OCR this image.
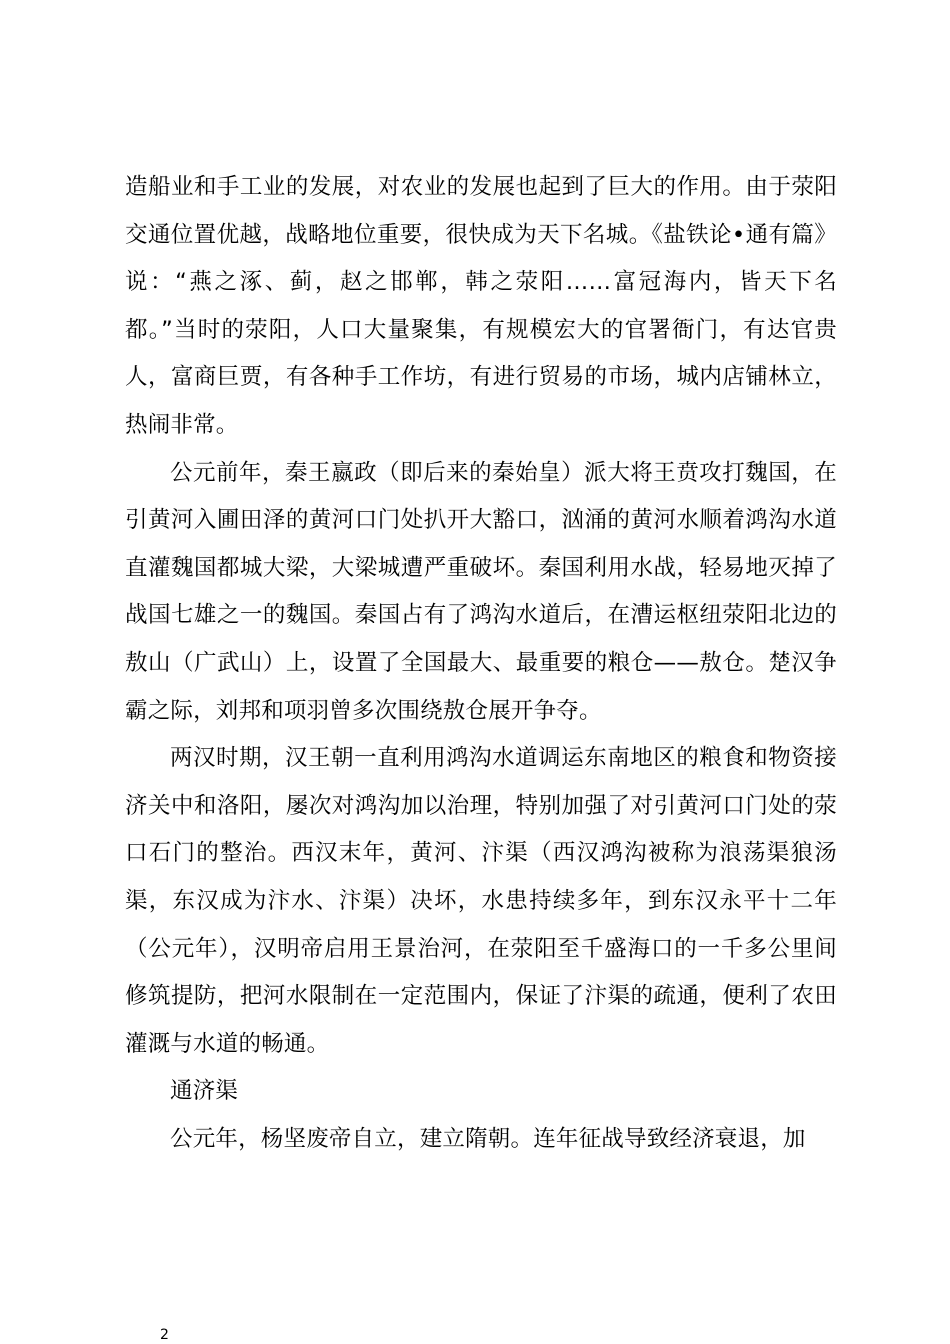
造船业和手工业的发展，对农业的发展也起到了巨大的作用。由于荥阳交通位置优越，战略地位重要，很快成为天下名城。《盐铁论•通有篇》说：“燕之涿、蓟，赵之邯郸，韩之荥阳……富冠海内，皆天下名都。”当时的荥阳，人口大量聚集，有规模宏大的官署衙门，有达官贵人，富商巨贾，有各种手工作坊，有进行贸易的市场，城内店铺林立，热闹非常。

公元前年，秦王嬴政（即后来的秦始皇）派大将王贲攻打魏国，在引黄河入圃田泽的黄河口门处扒开大豁口，汹涌的黄河水顺着鸿沟水道直灌魏国都城大梁，大梁城遭严重破坏。秦国利用水战，轻易地灭掉了战国七雄之一的魏国。秦国占有了鸿沟水道后，在漕运枢纽荥阳北边的敖山（广武山）上，设置了全国最大、最重要的粮仓——敖仓。楚汉争霸之际，刘邦和项羽曾多次围绕敖仓展开争夺。

两汉时期，汉王朝一直利用鸿沟水道调运东南地区的粮食和物资接济关中和洛阳，屡次对鸿沟加以治理，特别加强了对引黄河口门处的荥口石门的整治。西汉末年，黄河、汴渠（西汉鸿沟被称为浪荡渠狼汤渠，东汉成为汴水、汴渠）决坏，水患持续多年，到东汉永平十二年（公元年），汉明帝启用王景治河，在荥阳至千盛海口的一千多公里间修筑提防，把河水限制在一定范围内，保证了汴渠的疏通，便利了农田灌溉与水道的畅通。

通济渠

公元年，杨坚废帝自立，建立隋朝。连年征战导致经济衰退，加

2
